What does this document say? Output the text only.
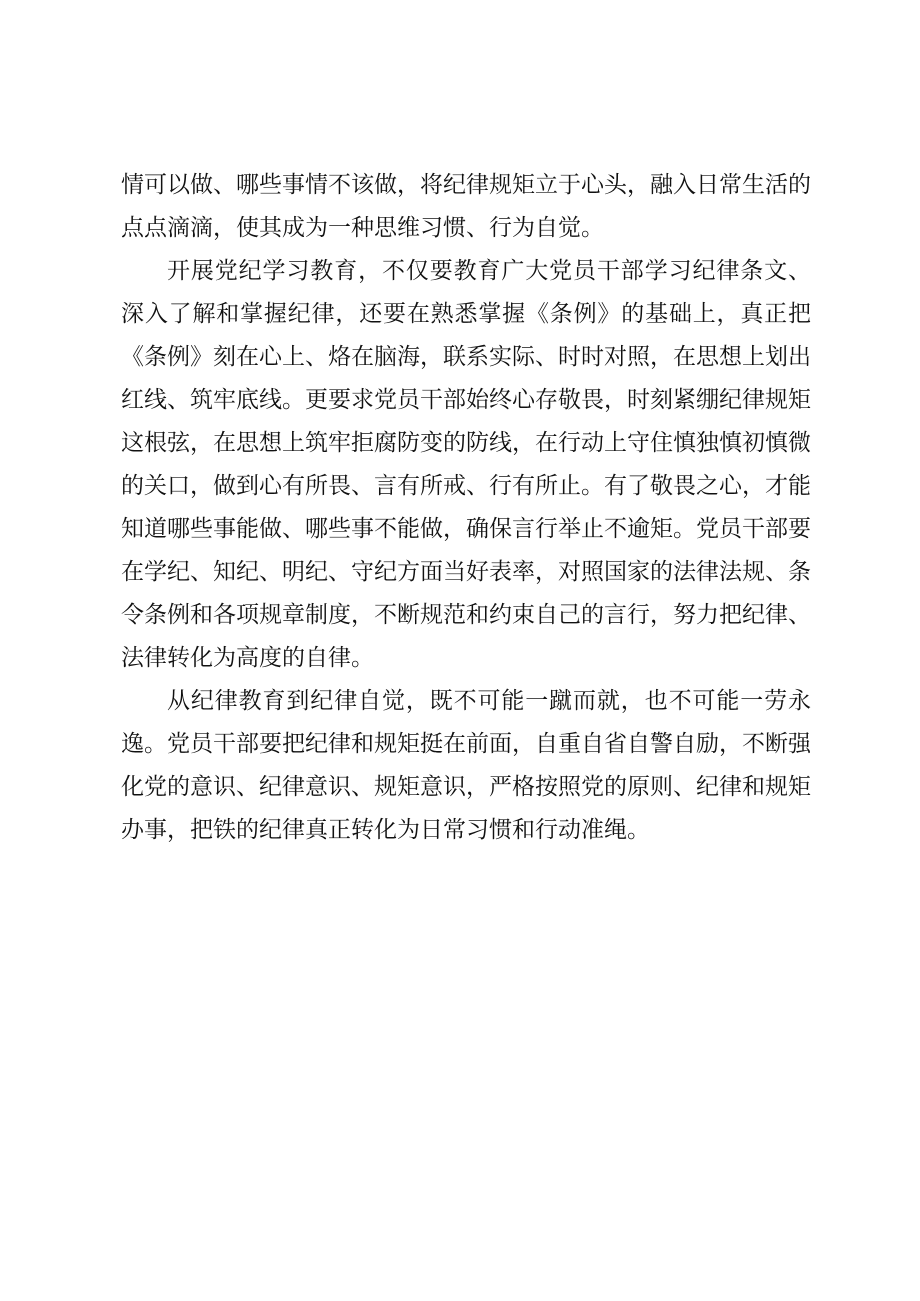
情可以做、哪些事情不该做，将纪律规矩立于心头，融入日常生活的
点点滴滴，使其成为一种思维习惯、行为自觉。
开展党纪学习教育，不仅要教育广大党员干部学习纪律条文、
深入了解和掌握纪律，还要在熟悉掌握《条例》的基础上，真正把
《条例》刻在心上、烙在脑海，联系实际、时时对照，在思想上划出
红线、筑牢底线。更要求党员干部始终心存敬畏，时刻紧绷纪律规矩
这根弦，在思想上筑牢拒腐防变的防线，在行动上守住慎独慎初慎微
的关口，做到心有所畏、言有所戒、行有所止。有了敬畏之心，才能
知道哪些事能做、哪些事不能做，确保言行举止不逾矩。党员干部要
在学纪、知纪、明纪、守纪方面当好表率，对照国家的法律法规、条
令条例和各项规章制度，不断规范和约束自己的言行，努力把纪律、
法律转化为高度的自律。
从纪律教育到纪律自觉，既不可能一蹴而就，也不可能一劳永
逸。党员干部要把纪律和规矩挺在前面，自重自省自警自励，不断强
化党的意识、纪律意识、规矩意识，严格按照党的原则、纪律和规矩
办事，把铁的纪律真正转化为日常习惯和行动准绳。
